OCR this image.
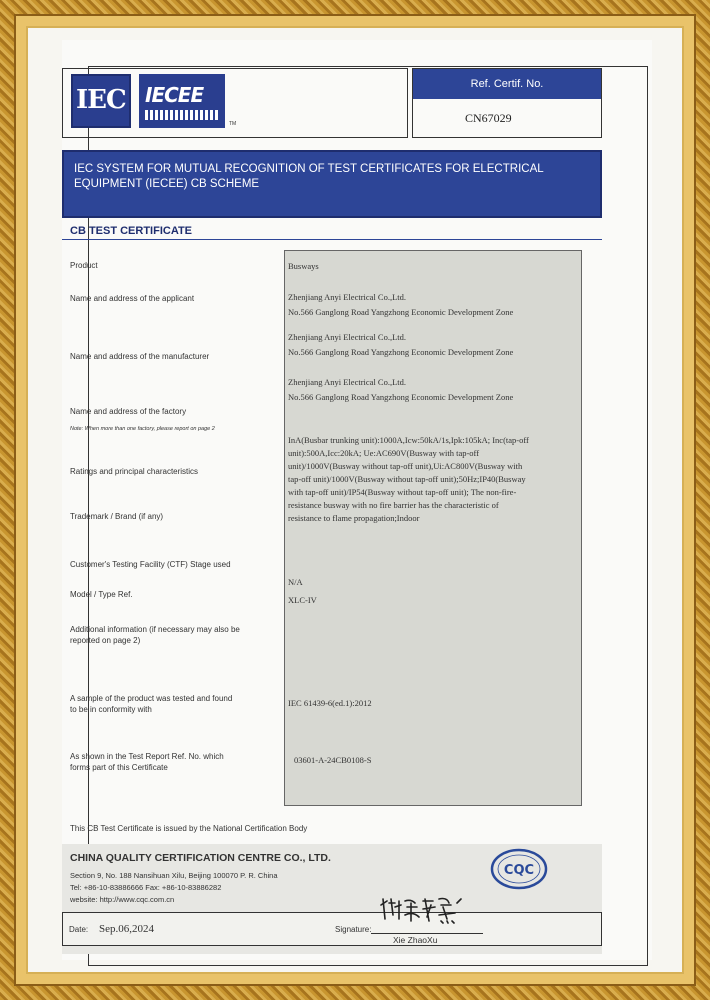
IEC IECEE
TM
Ref. Certif. No.
CN67029
IEC SYSTEM FOR MUTUAL RECOGNITION OF TEST CERTIFICATES FOR ELECTRICAL EQUIPMENT (IECEE) CB SCHEME
CB TEST CERTIFICATE
Product
Name and address of the applicant
Name and address of the manufacturer
Name and address of the factory
Note: When more than one factory, please report on page 2
Ratings and principal characteristics
Trademark / Brand (if any)
Customer's Testing Facility (CTF) Stage used
Model / Type Ref.
Additional information (if necessary may also be
reported on page 2)
A sample of the product was tested and found
to be in conformity with
As shown in the Test Report Ref. No. which
forms part of this Certificate
Busways
Zhenjiang Anyi Electrical Co.,Ltd.
No.566 Ganglong Road Yangzhong Economic Development Zone
Zhenjiang Anyi Electrical Co.,Ltd.
No.566 Ganglong Road Yangzhong Economic Development Zone
Zhenjiang Anyi Electrical Co.,Ltd.
No.566 Ganglong Road Yangzhong Economic Development Zone
InA(Busbar trunking unit):1000A,Icw:50kA/1s,Ipk:105kA; Inc(tap-off
unit):500A,Icc:20kA; Ue:AC690V(Busway with tap-off
unit)/1000V(Busway without tap-off unit),Ui:AC800V(Busway with
tap-off unit)/1000V(Busway without tap-off unit);50Hz;IP40(Busway
with tap-off unit)/IP54(Busway without tap-off unit); The non-fire-
resistance busway with no fire barrier has the characteristic of
resistance to flame propagation;Indoor
N/A
XLC-IV
IEC 61439-6(ed.1):2012
03601-A-24CB0108-S
This CB Test Certificate is issued by the National Certification Body
CHINA QUALITY CERTIFICATION CENTRE CO., LTD.
Section 9, No. 188 Nansihuan Xilu, Beijing 100070 P. R. China
Tel: +86-10-83886666 Fax: +86-10-83886282
website: http://www.cqc.com.cn
CQC
Date: Sep.06,2024	Signature:
Xie ZhaoXu
